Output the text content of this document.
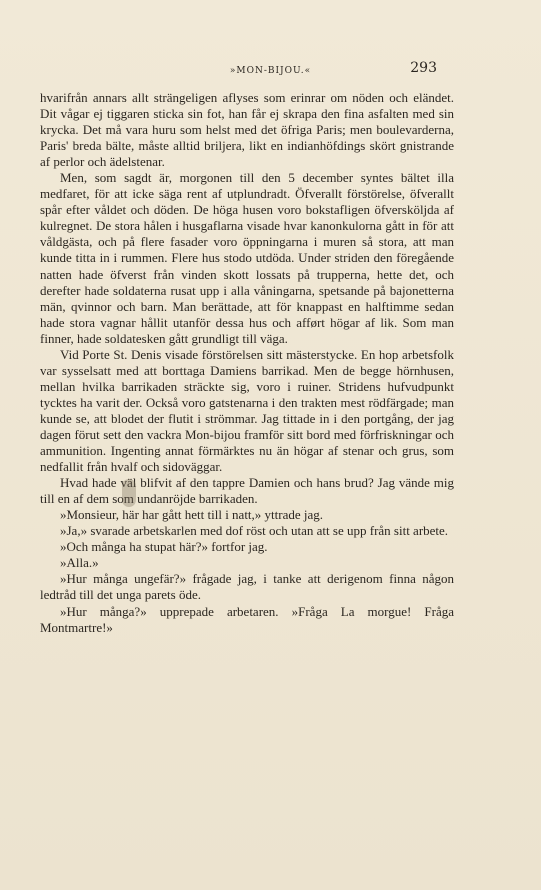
»MON-BIJOU.«	293

hvarifrån annars allt strängeligen aflyses som erinrar om nöden och eländet. Dit vågar ej tiggaren sticka sin fot, han får ej skrapa den fina asfalten med sin krycka. Det må vara huru som helst med det öfriga Paris; men boulevarderna, Paris' breda bälte, måste alltid briljera, likt en indianhöfdings skört gnistrande af perlor och ädelstenar.

Men, som sagdt är, morgonen till den 5 december syntes bältet illa medfaret, för att icke säga rent af utplundradt. Öfverallt förstörelse, öfverallt spår efter våldet och döden. De höga husen voro bokstafligen öfversköljda af kulregnet. De stora hålen i husgaflarna visade hvar kanonkulorna gått in för att våldgästa, och på flere fasader voro öppningarna i muren så stora, att man kunde titta in i rummen. Flere hus stodo utdöda. Under striden den föregående natten hade öfverst från vinden skott lossats på trupperna, hette det, och derefter hade soldaterna rusat upp i alla våningarna, spetsande på bajonetterna män, qvinnor och barn. Man berättade, att för knappast en halftimme sedan hade stora vagnar hållit utanför dessa hus och afført högar af lik. Som man finner, hade soldatesken gått grundligt till väga.

Vid Porte St. Denis visade förstörelsen sitt mästerstycke. En hop arbetsfolk var sysselsatt med att borttaga Damiens barrikad. Men de begge hörnhusen, mellan hvilka barrikaden sträckte sig, voro i ruiner. Stridens hufvudpunkt tycktes ha varit der. Också voro gatstenarna i den trakten mest rödfärgade; man kunde se, att blodet der flutit i strömmar. Jag tittade in i den portgång, der jag dagen förut sett den vackra Mon-bijou framför sitt bord med förfriskningar och ammunition. Ingenting annat förmärktes nu än högar af stenar och grus, som nedfallit från hvalf och sidoväggar.

Hvad hade väl blifvit af den tappre Damien och hans brud? Jag vände mig till en af dem som undanröjde barrikaden.

»Monsieur, här har gått hett till i natt,» yttrade jag.

»Ja,» svarade arbetskarlen med dof röst och utan att se upp från sitt arbete.

»Och många ha stupat här?» fortfor jag.

»Alla.»

»Hur många ungefär?» frågade jag, i tanke att derigenom finna någon ledtråd till det unga parets öde.

»Hur många?» upprepade arbetaren. »Fråga La morgue! Fråga Montmartre!»
